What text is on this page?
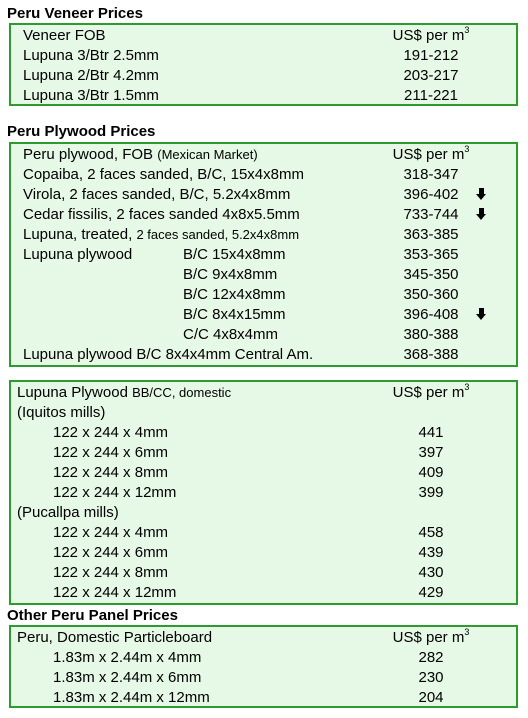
Peru Veneer Prices
Veneer FOB	US$ per $m^3$
Lupuna 3/Btr 2.5mm	191-212
Lupuna 2/Btr 4.2mm	203-217
Lupuna 3/Btr 1.5mm	211-221
Peru Plywood Prices
Peru plywood, FOB (Mexican Market)	US$ per $m^3$
Copaiba, 2 faces sanded, B/C, 15x4x8mm	318-347
Virola, 2 faces sanded, B/C, 5.2x4x8mm	396-402
Cedar fissilis, 2 faces sanded 4x8x5.5mm	733-744
Lupuna, treated, 2 faces sanded, 5.2x4x8mm	363-385
Lupuna plywood	B/C 15x4x8mm	353-365
B/C 9x4x8mm	345-350
B/C 12x4x8mm	350-360
B/C 8x4x15mm	396-408
C/C 4x8x4mm	380-388
Lupuna plywood B/C 8x4x4mm Central Am.	368-388
Lupuna Plywood BB/CC, domestic	US$ per $m^3$
(Iquitos mills)
122 x 244 x 4mm	441
122 x 244 x 6mm	397
122 x 244 x 8mm	409
122 x 244 x 12mm	399
(Pucallpa mills)
122 x 244 x 4mm	458
122 x 244 x 6mm	439
122 x 244 x 8mm	430
122 x 244 x 12mm	429
Other Peru Panel Prices
Peru, Domestic Particleboard	US$ per $m^3$
1.83m x 2.44m x 4mm	282
1.83m x 2.44m x 6mm	230
1.83m x 2.44m x 12mm	204
